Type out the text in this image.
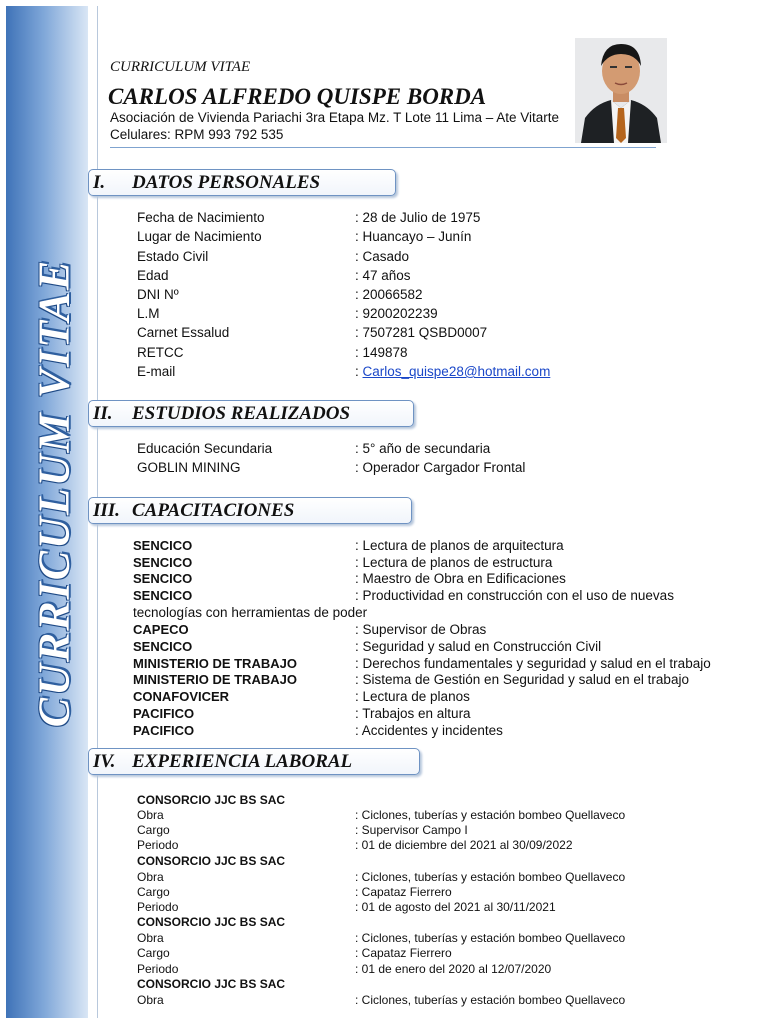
CURRICULUM VITAE
CURRICULUM VITAE
CARLOS ALFREDO QUISPE BORDA
Asociación de Vivienda Pariachi 3ra Etapa Mz. T Lote 11 Lima – Ate Vitarte
Celulares: RPM 993 792 535
I. DATOS PERSONALES
Fecha de Nacimiento	: 28 de Julio de 1975
Lugar de Nacimiento	: Huancayo – Junín
Estado Civil	: Casado
Edad	: 47 años
DNI Nº	: 20066582
L.M	: 9200202239
Carnet Essalud	: 7507281 QSBD0007
RETCC	: 149878
E-mail	: Carlos_quispe28@hotmail.com
II. ESTUDIOS REALIZADOS
Educación Secundaria	: 5° año de secundaria
GOBLIN MINING	: Operador Cargador Frontal
III. CAPACITACIONES
SENCICO	: Lectura de planos de arquitectura
SENCICO	: Lectura de planos de estructura
SENCICO	: Maestro de Obra en Edificaciones
SENCICO	: Productividad en construcción con el uso de nuevas
tecnologías con herramientas de poder
CAPECO	: Supervisor de Obras
SENCICO	: Seguridad y salud en Construcción Civil
MINISTERIO DE TRABAJO	: Derechos fundamentales y seguridad y salud en el trabajo
MINISTERIO DE TRABAJO	: Sistema de Gestión en Seguridad y salud en el trabajo
CONAFOVICER	: Lectura de planos
PACIFICO	: Trabajos en altura
PACIFICO	: Accidentes y incidentes
IV. EXPERIENCIA LABORAL
CONSORCIO JJC BS SAC
Obra	: Ciclones, tuberías y estación bombeo Quellaveco
Cargo	: Supervisor Campo I
Periodo	: 01 de diciembre del 2021 al 30/09/2022
CONSORCIO JJC BS SAC
Obra	: Ciclones, tuberías y estación bombeo Quellaveco
Cargo	: Capataz Fierrero
Periodo	: 01 de agosto del 2021 al 30/11/2021
CONSORCIO JJC BS SAC
Obra	: Ciclones, tuberías y estación bombeo Quellaveco
Cargo	: Capataz Fierrero
Periodo	: 01 de enero del 2020 al 12/07/2020
CONSORCIO JJC BS SAC
Obra	: Ciclones, tuberías y estación bombeo Quellaveco
